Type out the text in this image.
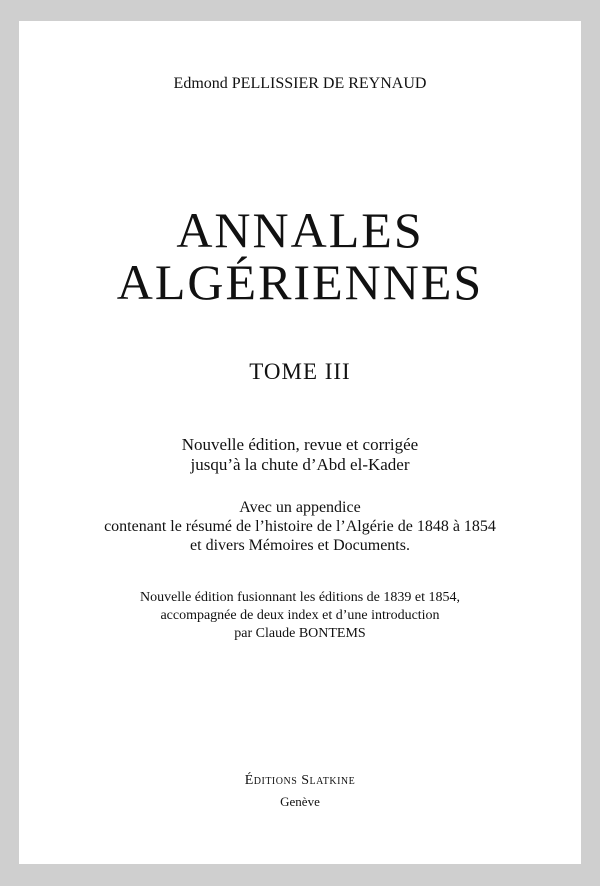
Edmond PELLISSIER DE REYNAUD
ANNALES
ALGÉRIENNES
TOME III
Nouvelle édition, revue et corrigée
jusqu’à la chute d’Abd el-Kader
Avec un appendice
contenant le résumé de l’histoire de l’Algérie de 1848 à 1854
et divers Mémoires et Documents.
Nouvelle édition fusionnant les éditions de 1839 et 1854,
accompagnée de deux index et d’une introduction
par Claude BONTEMS
Éditions Slatkine
Genève
